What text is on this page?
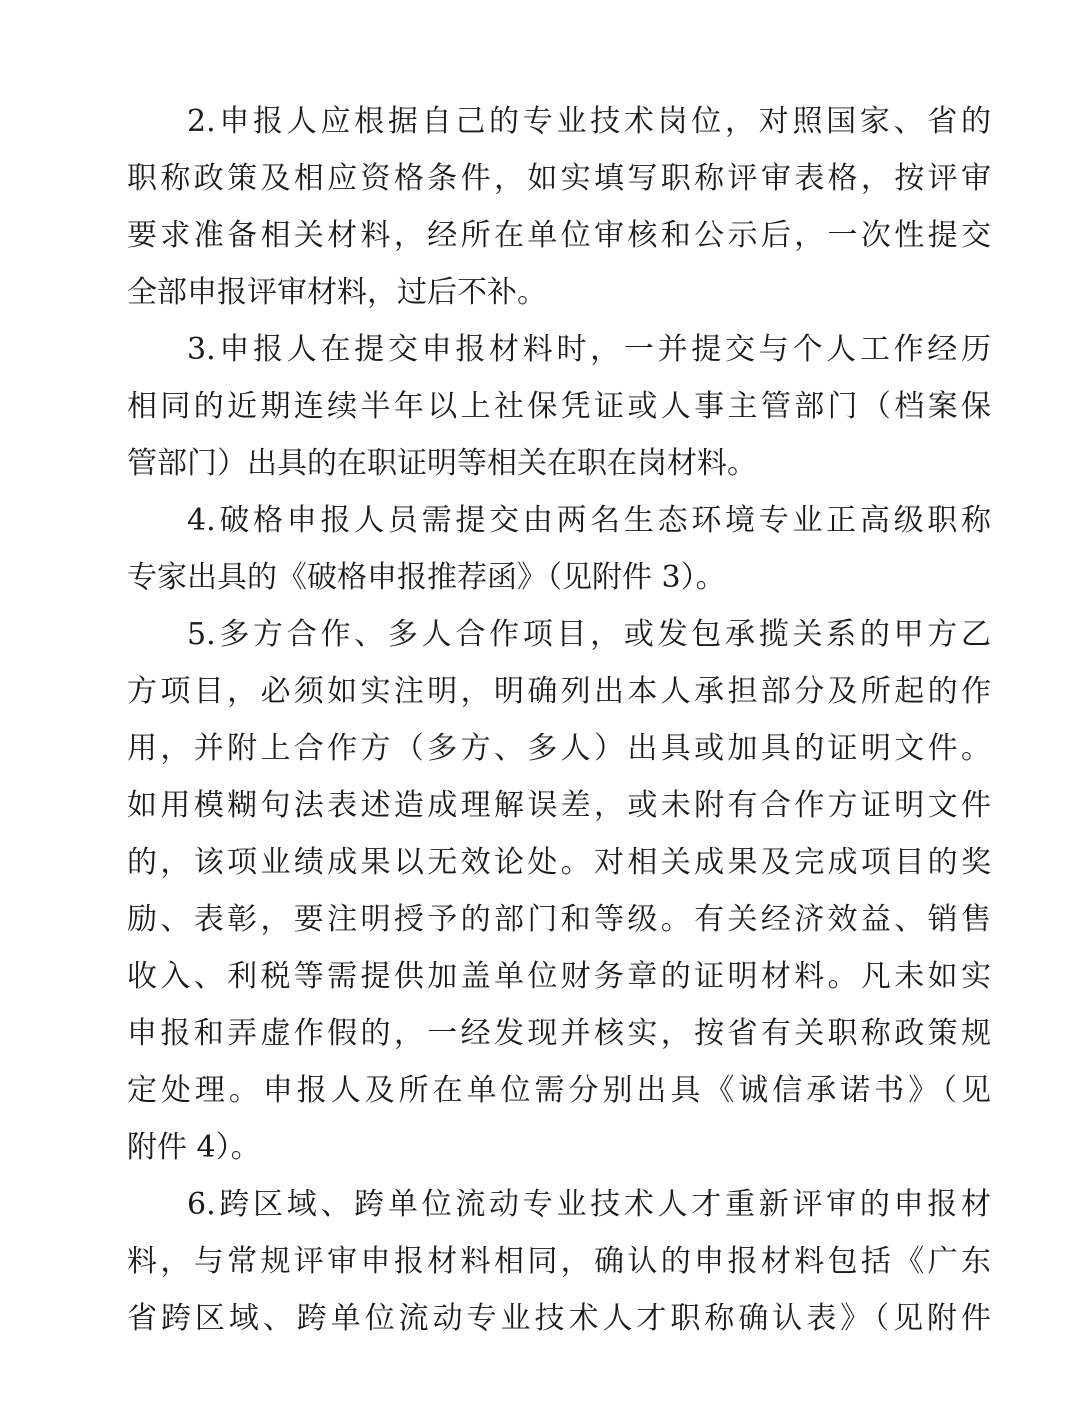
2.申报人应根据自己的专业技术岗位，对照国家、省的
职称政策及相应资格条件，如实填写职称评审表格，按评审
要求准备相关材料，经所在单位审核和公示后，一次性提交
全部申报评审材料，过后不补。
3.申报人在提交申报材料时，一并提交与个人工作经历
相同的近期连续半年以上社保凭证或人事主管部门（档案保
管部门）出具的在职证明等相关在职在岗材料。
4.破格申报人员需提交由两名生态环境专业正高级职称
专家出具的《破格申报推荐函》（见附件 3）。
5.多方合作、多人合作项目，或发包承揽关系的甲方乙
方项目，必须如实注明，明确列出本人承担部分及所起的作
用，并附上合作方（多方、多人）出具或加具的证明文件。
如用模糊句法表述造成理解误差，或未附有合作方证明文件
的，该项业绩成果以无效论处。对相关成果及完成项目的奖
励、表彰，要注明授予的部门和等级。有关经济效益、销售
收入、利税等需提供加盖单位财务章的证明材料。凡未如实
申报和弄虚作假的，一经发现并核实，按省有关职称政策规
定处理。申报人及所在单位需分别出具《诚信承诺书》（见
附件 4）。
6.跨区域、跨单位流动专业技术人才重新评审的申报材
料，与常规评审申报材料相同，确认的申报材料包括《广东
省跨区域、跨单位流动专业技术人才职称确认表》（见附件
